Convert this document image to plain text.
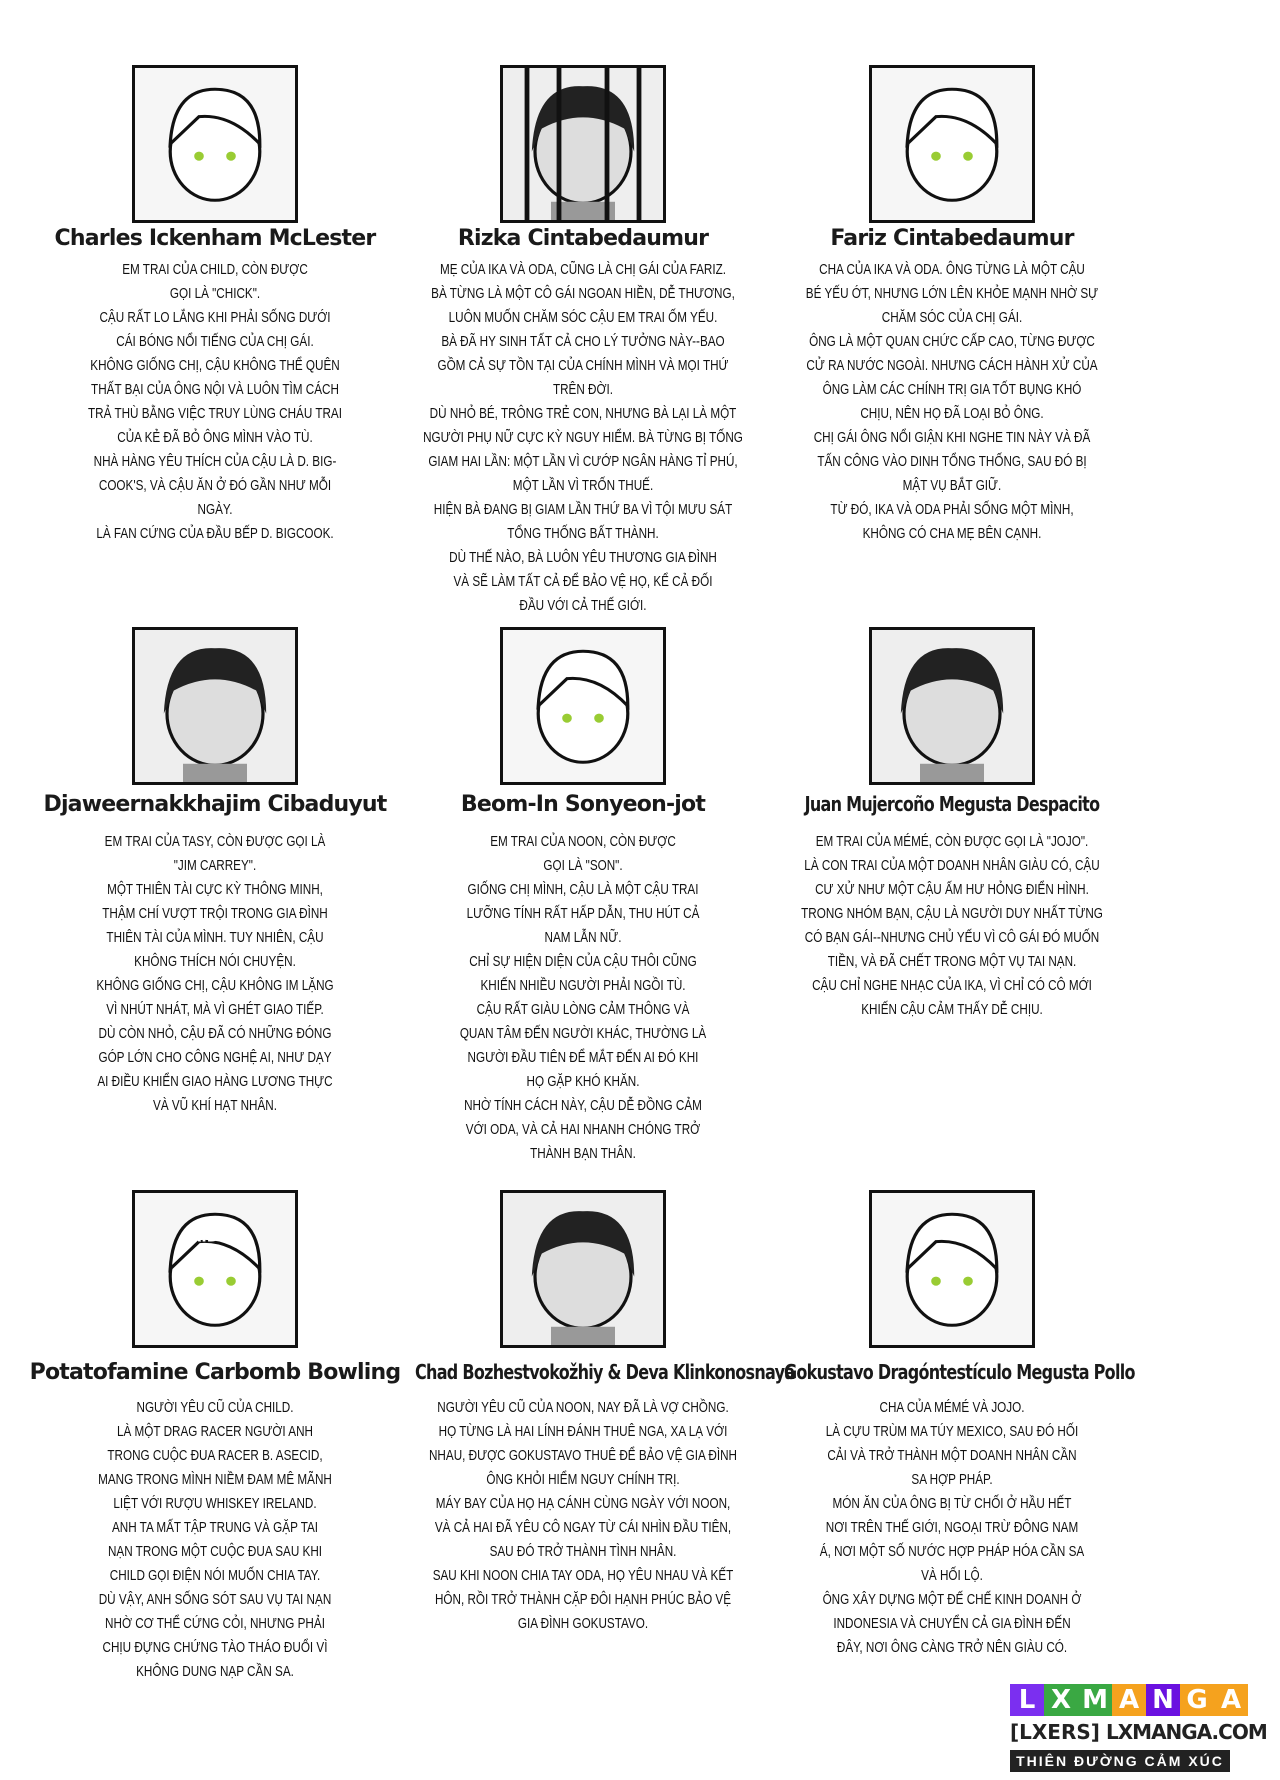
Charles Ickenham McLester
EM TRAI CỦA CHILD, CÒN ĐƯỢC
GỌI LÀ "CHICK".
CẬU RẤT LO LẮNG KHI PHẢI SỐNG DƯỚI
CÁI BÓNG NỔI TIẾNG CỦA CHỊ GÁI.
KHÔNG GIỐNG CHỊ, CẬU KHÔNG THỂ QUÊN
THẤT BẠI CỦA ÔNG NỘI VÀ LUÔN TÌM CÁCH
TRẢ THÙ BẰNG VIỆC TRUY LÙNG CHÁU TRAI
CỦA KẺ ĐÃ BỎ ÔNG MÌNH VÀO TÙ.
NHÀ HÀNG YÊU THÍCH CỦA CẬU LÀ D. BIG-
COOK'S, VÀ CẬU ĂN Ở ĐÓ GẦN NHƯ MỖI
NGÀY.
LÀ FAN CỨNG CỦA ĐẦU BẾP D. BIGCOOK.
Rizka Cintabedaumur
MẸ CỦA IKA VÀ ODA, CŨNG LÀ CHỊ GÁI CỦA FARIZ.
BÀ TỪNG LÀ MỘT CÔ GÁI NGOAN HIỀN, DỄ THƯƠNG,
LUÔN MUỐN CHĂM SÓC CẬU EM TRAI ỐM YẾU.
BÀ ĐÃ HY SINH TẤT CẢ CHO LÝ TƯỞNG NÀY--BAO
GỒM CẢ SỰ TỒN TẠI CỦA CHÍNH MÌNH VÀ MỌI THỨ
TRÊN ĐỜI.
DÙ NHỎ BÉ, TRÔNG TRẺ CON, NHƯNG BÀ LẠI LÀ MỘT
NGƯỜI PHỤ NỮ CỰC KỲ NGUY HIỂM. BÀ TỪNG BỊ TỐNG
GIAM HAI LẦN: MỘT LẦN VÌ CƯỚP NGÂN HÀNG TỈ PHÚ,
MỘT LẦN VÌ TRỐN THUẾ.
HIỆN BÀ ĐANG BỊ GIAM LẦN THỨ BA VÌ TỘI MƯU SÁT
TỔNG THỐNG BẤT THÀNH.
DÙ THẾ NÀO, BÀ LUÔN YÊU THƯƠNG GIA ĐÌNH
VÀ SẼ LÀM TẤT CẢ ĐỂ BẢO VỆ HỌ, KỂ CẢ ĐỐI
ĐẦU VỚI CẢ THẾ GIỚI.
Fariz Cintabedaumur
CHA CỦA IKA VÀ ODA. ÔNG TỪNG LÀ MỘT CẬU
BÉ YẾU ỚT, NHƯNG LỚN LÊN KHỎE MẠNH NHỜ SỰ
CHĂM SÓC CỦA CHỊ GÁI.
ÔNG LÀ MỘT QUAN CHỨC CẤP CAO, TỪNG ĐƯỢC
CỬ RA NƯỚC NGOÀI. NHƯNG CÁCH HÀNH XỬ CỦA
ÔNG LÀM CÁC CHÍNH TRỊ GIA TỐT BỤNG KHÓ
CHỊU, NÊN HỌ ĐÃ LOẠI BỎ ÔNG.
CHỊ GÁI ÔNG NỔI GIẬN KHI NGHE TIN NÀY VÀ ĐÃ
TẤN CÔNG VÀO DINH TỔNG THỐNG, SAU ĐÓ BỊ
MẬT VỤ BẮT GIỮ.
TỪ ĐÓ, IKA VÀ ODA PHẢI SỐNG MỘT MÌNH,
KHÔNG CÓ CHA MẸ BÊN CẠNH.
Djaweernakkhajim Cibaduyut
EM TRAI CỦA TASY, CÒN ĐƯỢC GỌI LÀ
"JIM CARREY".
MỘT THIÊN TÀI CỰC KỲ THÔNG MINH,
THẬM CHÍ VƯỢT TRỘI TRONG GIA ĐÌNH
THIÊN TÀI CỦA MÌNH. TUY NHIÊN, CẬU
KHÔNG THÍCH NÓI CHUYỆN.
KHÔNG GIỐNG CHỊ, CẬU KHÔNG IM LẶNG
VÌ NHÚT NHÁT, MÀ VÌ GHÉT GIAO TIẾP.
DÙ CÒN NHỎ, CẬU ĐÃ CÓ NHỮNG ĐÓNG
GÓP LỚN CHO CÔNG NGHỆ AI, NHƯ DẠY
AI ĐIỀU KHIỂN GIAO HÀNG LƯƠNG THỰC
VÀ VŨ KHÍ HẠT NHÂN.
Beom-In Sonyeon-jot
EM TRAI CỦA NOON, CÒN ĐƯỢC
GỌI LÀ "SON".
GIỐNG CHỊ MÌNH, CẬU LÀ MỘT CẬU TRAI
LƯỠNG TÍNH RẤT HẤP DẪN, THU HÚT CẢ
NAM LẪN NỮ.
CHỈ SỰ HIỆN DIỆN CỦA CẬU THÔI CŨNG
KHIẾN NHIỀU NGƯỜI PHẢI NGỒI TÙ.
CẬU RẤT GIÀU LÒNG CẢM THÔNG VÀ
QUAN TÂM ĐẾN NGƯỜI KHÁC, THƯỜNG LÀ
NGƯỜI ĐẦU TIÊN ĐỂ MẮT ĐẾN AI ĐÓ KHI
HỌ GẶP KHÓ KHĂN.
NHỜ TÍNH CÁCH NÀY, CẬU DỄ ĐỒNG CẢM
VỚI ODA, VÀ CẢ HAI NHANH CHÓNG TRỞ
THÀNH BẠN THÂN.
Juan Mujercoño Megusta Despacito
EM TRAI CỦA MÉMÉ, CÒN ĐƯỢC GỌI LÀ "JOJO".
LÀ CON TRAI CỦA MỘT DOANH NHÂN GIÀU CÓ, CẬU
CƯ XỬ NHƯ MỘT CẬU ẤM HƯ HỎNG ĐIỂN HÌNH.
TRONG NHÓM BẠN, CẬU LÀ NGƯỜI DUY NHẤT TỪNG
CÓ BẠN GÁI--NHƯNG CHỦ YẾU VÌ CÔ GÁI ĐÓ MUỐN
TIỀN, VÀ ĐÃ CHẾT TRONG MỘT VỤ TAI NẠN.
CẬU CHỈ NGHE NHẠC CỦA IKA, VÌ CHỈ CÓ CÔ MỚI
KHIẾN CẬU CẢM THẤY DỄ CHỊU.
RIDER
Potatofamine Carbomb Bowling
NGƯỜI YÊU CŨ CỦA CHILD.
LÀ MỘT DRAG RACER NGƯỜI ANH
TRONG CUỘC ĐUA RACER B. ASECID,
MANG TRONG MÌNH NIỀM ĐAM MÊ MÃNH
LIỆT VỚI RƯỢU WHISKEY IRELAND.
ANH TA MẤT TẬP TRUNG VÀ GẶP TAI
NẠN TRONG MỘT CUỘC ĐUA SAU KHI
CHILD GỌI ĐIỆN NÓI MUỐN CHIA TAY.
DÙ VẬY, ANH SỐNG SÓT SAU VỤ TAI NẠN
NHỜ CƠ THỂ CỨNG CỎI, NHƯNG PHẢI
CHỊU ĐỰNG CHỨNG TÀO THÁO ĐUỔI VÌ
KHÔNG DUNG NẠP CẦN SA.
Chad Bozhestvokožhiy & Deva Klinkonosnaya
NGƯỜI YÊU CŨ CỦA NOON, NAY ĐÃ LÀ VỢ CHỒNG.
HỌ TỪNG LÀ HAI LÍNH ĐÁNH THUÊ NGA, XA LẠ VỚI
NHAU, ĐƯỢC GOKUSTAVO THUÊ ĐỂ BẢO VỆ GIA ĐÌNH
ÔNG KHỎI HIỂM NGUY CHÍNH TRỊ.
MÁY BAY CỦA HỌ HẠ CÁNH CÙNG NGÀY VỚI NOON,
VÀ CẢ HAI ĐÃ YÊU CÔ NGAY TỪ CÁI NHÌN ĐẦU TIÊN,
SAU ĐÓ TRỞ THÀNH TÌNH NHÂN.
SAU KHI NOON CHIA TAY ODA, HỌ YÊU NHAU VÀ KẾT
HÔN, RỒI TRỞ THÀNH CẶP ĐÔI HẠNH PHÚC BẢO VỆ
GIA ĐÌNH GOKUSTAVO.
Gokustavo Dragóntestículo Megusta Pollo
CHA CỦA MÉMÉ VÀ JOJO.
LÀ CỰU TRÙM MA TÚY MEXICO, SAU ĐÓ HỐI
CẢI VÀ TRỞ THÀNH MỘT DOANH NHÂN CẦN
SA HỢP PHÁP.
MÓN ĂN CỦA ÔNG BỊ TỪ CHỐI Ở HẦU HẾT
NƠI TRÊN THẾ GIỚI, NGOẠI TRỪ ĐÔNG NAM
Á, NƠI MỘT SỐ NƯỚC HỢP PHÁP HÓA CẦN SA
VÀ HỐI LỘ.
ÔNG XÂY DỰNG MỘT ĐẾ CHẾ KINH DOANH Ở
INDONESIA VÀ CHUYỂN CẢ GIA ĐÌNH ĐẾN
ĐÂY, NƠI ÔNG CÀNG TRỞ NÊN GIÀU CÓ.
L X M A N G A
[LXERS] LXMANGA.COM
THIÊN ĐƯỜNG CẢM XÚC
